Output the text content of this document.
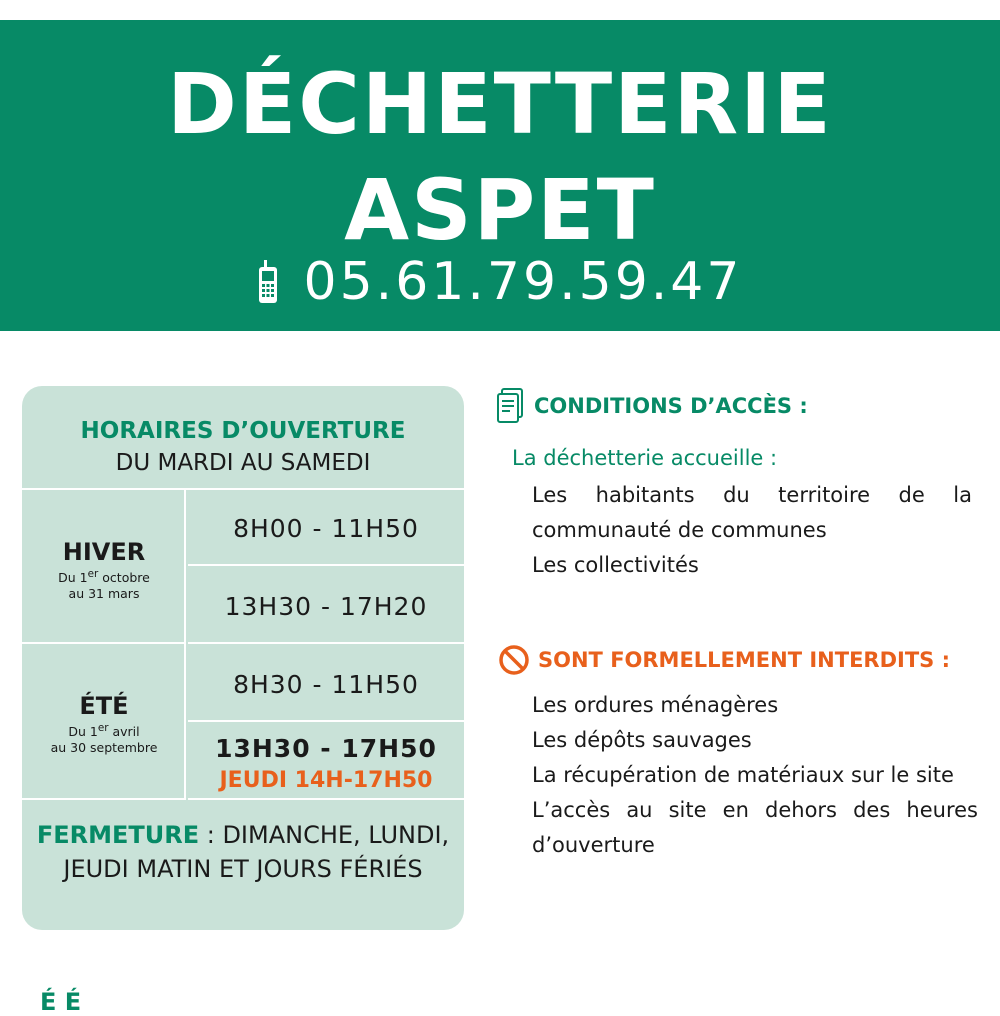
DÉCHETTERIE
ASPET
05.61.79.59.47
HORAIRES D’OUVERTURE
DU MARDI AU SAMEDI
HIVER
Du 1er octobre
au 31 mars
8H00 - 11H50
13H30 - 17H20
ÉTÉ
Du 1er avril
au 30 septembre
8H30 - 11H50
13H30 - 17H50
JEUDI 14H-17H50
FERMETURE : DIMANCHE, LUNDI, JEUDI MATIN ET JOURS FÉRIÉS
CONDITIONS D’ACCÈS :
La déchetterie accueille :
Les habitants du territoire de la communauté de communes
Les collectivités
SONT FORMELLEMENT INTERDITS :
Les ordures ménagères
Les dépôts sauvages
La récupération de matériaux sur le site
L’accès au site en dehors des heures d’ouverture
É É
